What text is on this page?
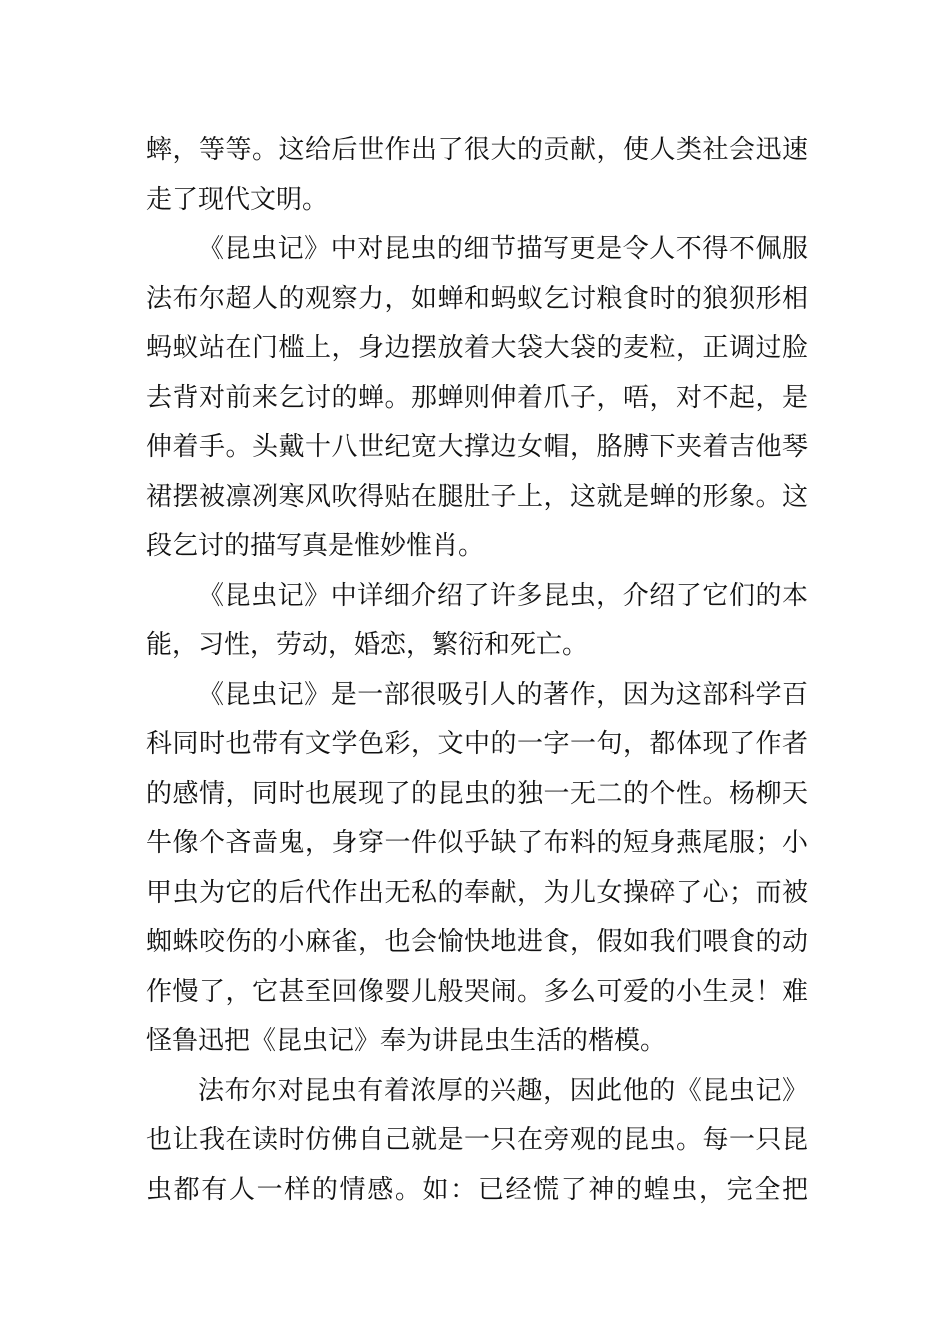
蟀，等等。这给后世作出了很大的贡献，使人类社会迅速
走了现代文明。
《昆虫记》中对昆虫的细节描写更是令人不得不佩服
法布尔超人的观察力，如蝉和蚂蚁乞讨粮食时的狼狈形相
蚂蚁站在门槛上，身边摆放着大袋大袋的麦粒，正调过脸
去背对前来乞讨的蝉。那蝉则伸着爪子，唔，对不起，是
伸着手。头戴十八世纪宽大撑边女帽，胳膊下夹着吉他琴
裙摆被凛冽寒风吹得贴在腿肚子上，这就是蝉的形象。这
段乞讨的描写真是惟妙惟肖。
《昆虫记》中详细介绍了许多昆虫，介绍了它们的本
能，习性，劳动，婚恋，繁衍和死亡。
《昆虫记》是一部很吸引人的著作，因为这部科学百
科同时也带有文学色彩，文中的一字一句，都体现了作者
的感情，同时也展现了的昆虫的独一无二的个性。杨柳天
牛像个吝啬鬼，身穿一件似乎缺了布料的短身燕尾服；小
甲虫为它的后代作出无私的奉献，为儿女操碎了心；而被
蜘蛛咬伤的小麻雀，也会愉快地进食，假如我们喂食的动
作慢了，它甚至回像婴儿般哭闹。多么可爱的小生灵！难
怪鲁迅把《昆虫记》奉为讲昆虫生活的楷模。
法布尔对昆虫有着浓厚的兴趣，因此他的《昆虫记》
也让我在读时仿佛自己就是一只在旁观的昆虫。每一只昆
虫都有人一样的情感。如：已经慌了神的蝗虫，完全把
